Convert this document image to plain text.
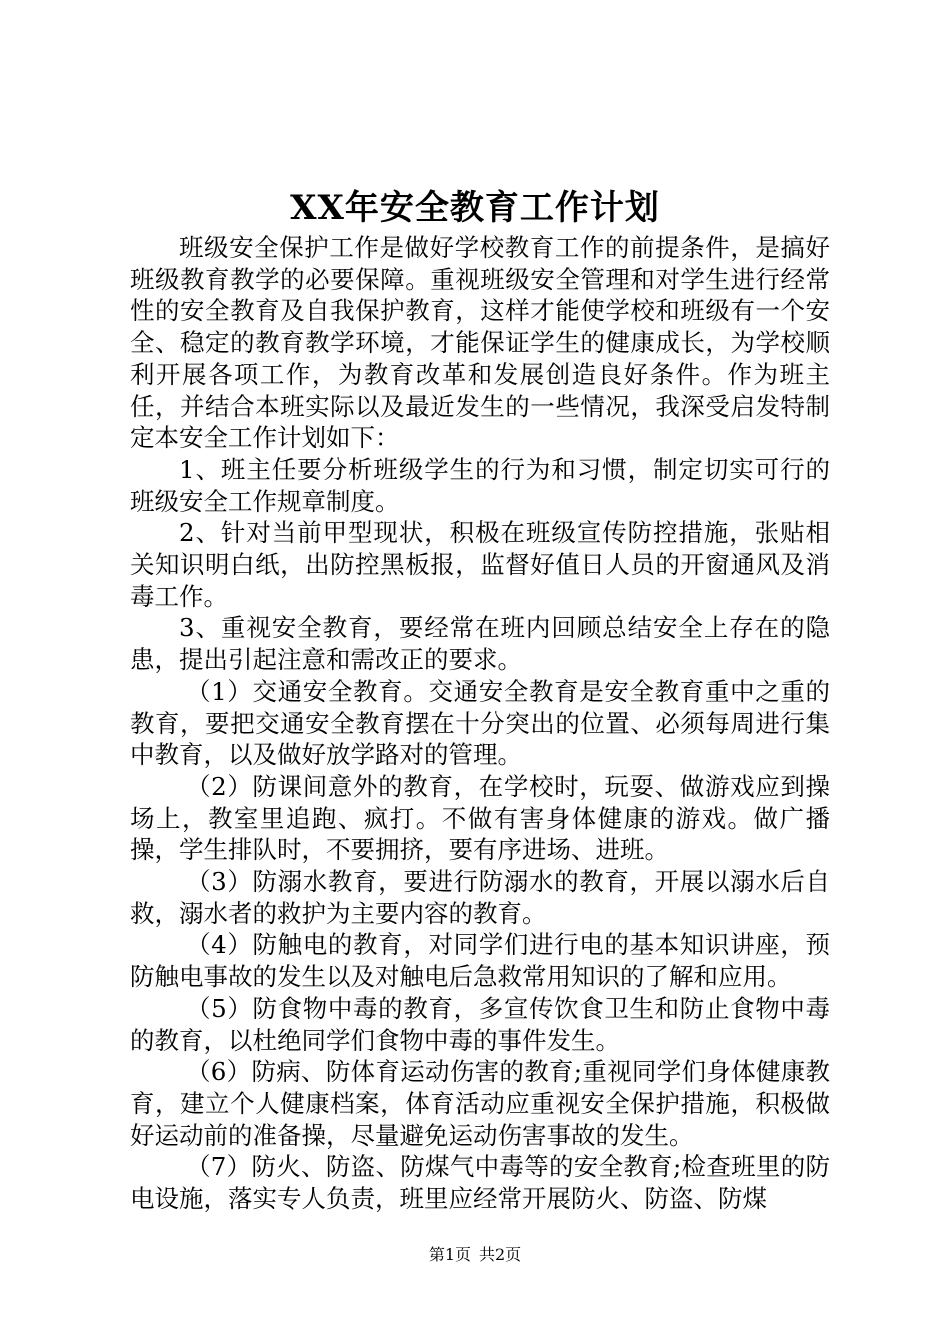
XX年安全教育工作计划

班级安全保护工作是做好学校教育工作的前提条件，是搞好班级教育教学的必要保障。重视班级安全管理和对学生进行经常性的安全教育及自我保护教育，这样才能使学校和班级有一个安全、稳定的教育教学环境，才能保证学生的健康成长，为学校顺利开展各项工作，为教育改革和发展创造良好条件。作为班主任，并结合本班实际以及最近发生的一些情况，我深受启发特制定本安全工作计划如下：

1、班主任要分析班级学生的行为和习惯，制定切实可行的班级安全工作规章制度。

2、针对当前甲型现状，积极在班级宣传防控措施，张贴相关知识明白纸，出防控黑板报，监督好值日人员的开窗通风及消毒工作。

3、重视安全教育，要经常在班内回顾总结安全上存在的隐患，提出引起注意和需改正的要求。

（1）交通安全教育。交通安全教育是安全教育重中之重的教育，要把交通安全教育摆在十分突出的位置、必须每周进行集中教育，以及做好放学路对的管理。

（2）防课间意外的教育，在学校时，玩耍、做游戏应到操场上，教室里追跑、疯打。不做有害身体健康的游戏。做广播操，学生排队时，不要拥挤，要有序进场、进班。

（3）防溺水教育，要进行防溺水的教育，开展以溺水后自救，溺水者的救护为主要内容的教育。

（4）防触电的教育，对同学们进行电的基本知识讲座，预防触电事故的发生以及对触电后急救常用知识的了解和应用。

（5）防食物中毒的教育，多宣传饮食卫生和防止食物中毒的教育，以杜绝同学们食物中毒的事件发生。

（6）防病、防体育运动伤害的教育;重视同学们身体健康教育，建立个人健康档案，体育活动应重视安全保护措施，积极做好运动前的准备操，尽量避免运动伤害事故的发生。

（7）防火、防盗、防煤气中毒等的安全教育;检查班里的防电设施，落实专人负责，班里应经常开展防火、防盗、防煤

第1页 共2页
